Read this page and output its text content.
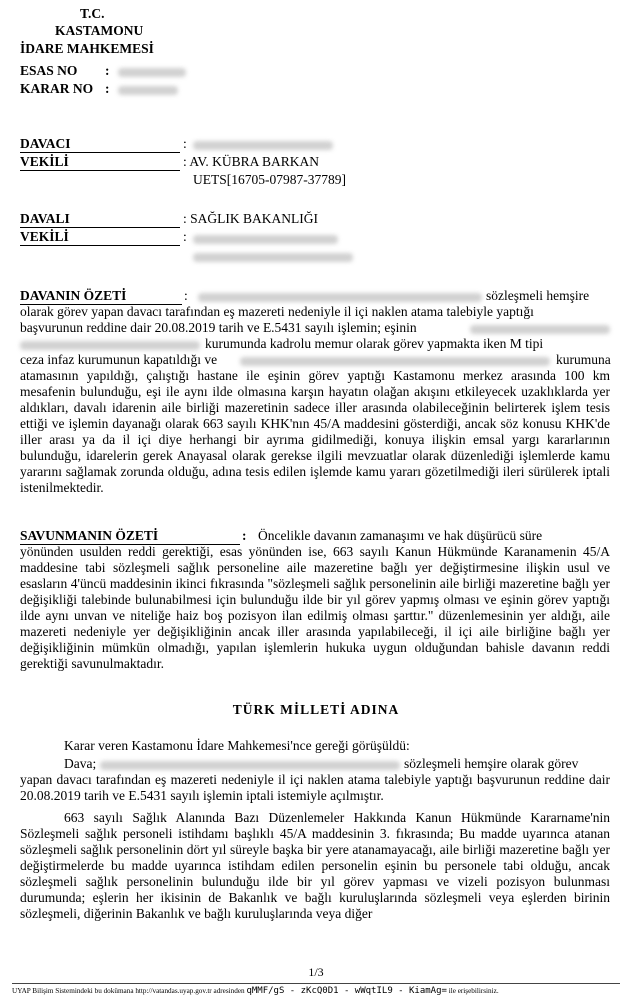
T.C.
KASTAMONU
İDARE MAHKEMESİ
ESAS NO :
KARAR NO :
DAVACI	:
VEKİLİ	: AV. KÜBRA BARKAN
UETS[16705-07987-37789]
DAVALI	: SAĞLIK BAKANLIĞI
VEKİLİ	:
DAVANIN ÖZETİ	:	sözleşmeli hemşire
olarak görev yapan davacı tarafından eş mazereti nedeniyle il içi naklen atama talebiyle yaptığı
başvurunun reddine dair 20.08.2019 tarih ve E.5431 sayılı işlemin; eşinin
kurumunda kadrolu memur olarak görev yapmakta iken M tipi
ceza infaz kurumunun kapatıldığı ve	kurumuna
atamasının yapıldığı, çalıştığı hastane ile eşinin görev yaptığı Kastamonu merkez arasında 100 km mesafenin bulunduğu, eşi ile aynı ilde olmasına karşın hayatın olağan akışını etkileyecek uzaklıklarda yer aldıkları, davalı idarenin aile birliği mazeretinin sadece iller arasında olabileceğinin belirterek işlem tesis ettiği ve işlemin dayanağı olarak 663 sayılı KHK'nın 45/A maddesini gösterdiği, ancak söz konusu KHK'de iller arası ya da il içi diye herhangi bir ayrıma gidilmediği, konuya ilişkin emsal yargı kararlarının bulunduğu, idarelerin gerek Anayasal olarak gerekse ilgili mevzuatlar olarak düzenlediği işlemlerde kamu yararını sağlamak zorunda olduğu, adına tesis edilen işlemde kamu yararı gözetilmediği ileri sürülerek iptali istenilmektedir.
SAVUNMANIN ÖZETİ	: Öncelikle davanın zamanaşımı ve hak düşürücü süre
yönünden usulden reddi gerektiği, esas yönünden ise, 663 sayılı Kanun Hükmünde Karanamenin 45/A maddesine tabi sözleşmeli sağlık personeline aile mazeretine bağlı yer değiştirmesine ilişkin usul ve esasların 4'üncü maddesinin ikinci fıkrasında "sözleşmeli sağlık personelinin aile birliği mazeretine bağlı yer değişikliği talebinde bulunabilmesi için bulunduğu ilde bir yıl görev yapmış olması ve eşinin görev yaptığı ilde aynı unvan ve niteliğe haiz boş pozisyon ilan edilmiş olması şarttır." düzenlemesinin yer aldığı, aile mazereti nedeniyle yer değişikliğinin ancak iller arasında yapılabileceği, il içi aile birliğine bağlı yer değişikliğinin mümkün olmadığı, yapılan işlemlerin hukuka uygun olduğundan bahisle davanın reddi gerektiği savunulmaktadır.
TÜRK MİLLETİ ADINA
Karar veren Kastamonu İdare Mahkemesi'nce gereği görüşüldü:
Dava;	sözleşmeli hemşire olarak görev
yapan davacı tarafından eş mazereti nedeniyle il içi naklen atama talebiyle yaptığı başvurunun reddine dair 20.08.2019 tarih ve E.5431 sayılı işlemin iptali istemiyle açılmıştır.
663 sayılı Sağlık Alanında Bazı Düzenlemeler Hakkında Kanun Hükmünde Kararname'nin Sözleşmeli sağlık personeli istihdamı başlıklı 45/A maddesinin 3. fıkrasında; Bu madde uyarınca atanan sözleşmeli sağlık personelinin dört yıl süreyle başka bir yere atanamayacağı, aile birliği mazeretine bağlı yer değiştirmelerde bu madde uyarınca istihdam edilen personelin eşinin bu personele tabi olduğu, ancak sözleşmeli sağlık personelinin bulunduğu ilde bir yıl görev yapması ve vizeli pozisyon bulunması durumunda; eşlerin her ikisinin de Bakanlık ve bağlı kuruluşlarında sözleşmeli veya eşlerden birinin sözleşmeli, diğerinin Bakanlık ve bağlı kuruluşlarında veya diğer
1/3
UYAP Bilişim Sistemindeki bu dokümana http://vatandas.uyap.gov.tr adresinden qMMF/gS - zKcQ0D1 - wWqtIL9 - KiamAg= ile erişebilirsiniz.
